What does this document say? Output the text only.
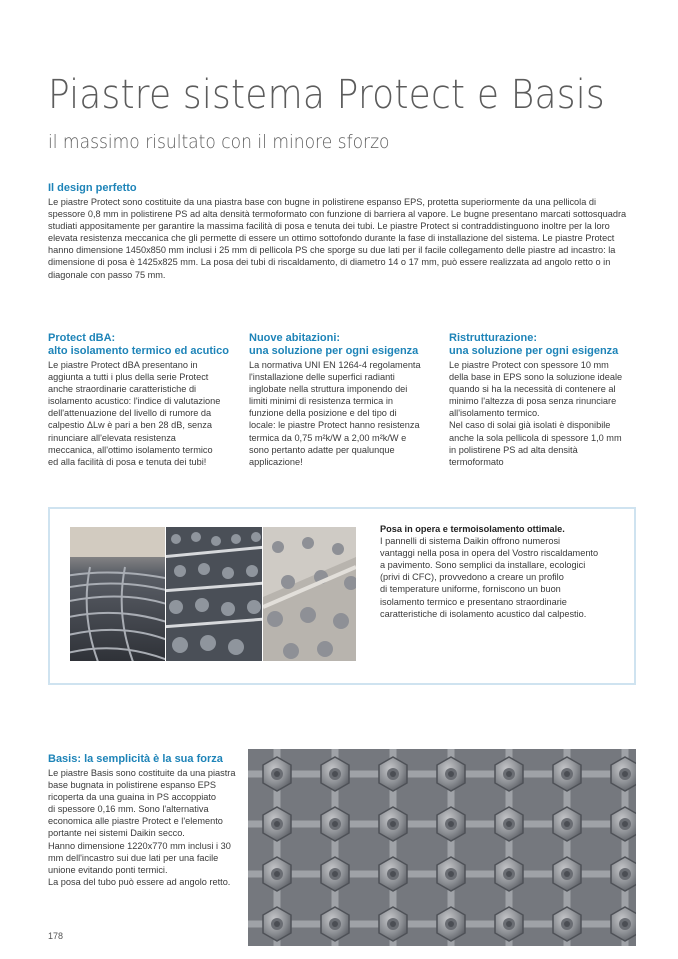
Piastre sistema Protect e Basis
il massimo risultato con il minore sforzo
Il design perfetto
Le piastre Protect sono costituite da una piastra base con bugne in polistirene espanso EPS, protetta superiormente da una pellicola di
spessore 0,8 mm in polistirene PS ad alta densità termoformato con funzione di barriera al vapore. Le bugne presentano marcati sottosquadra
studiati appositamente per garantire la massima facilità di posa e tenuta dei tubi. Le piastre Protect si contraddistinguono inoltre per la loro
elevata resistenza meccanica che gli permette di essere un ottimo sottofondo durante la fase di installazione del sistema. Le piastre Protect
hanno dimensione 1450x850 mm inclusi i 25 mm di pellicola PS che sporge su due lati per il facile collegamento delle piastre ad incastro: la
dimensione di posa è 1425x825 mm. La posa dei tubi di riscaldamento, di diametro 14 o 17 mm, può essere realizzata ad angolo retto o in
diagonale con passo 75 mm.
Protect dBA:
alto isolamento termico ed acutico
Le piastre Protect dBA presentano in
aggiunta a tutti i plus della serie Protect
anche straordinarie caratteristiche di
isolamento acustico: l'indice di valutazione
dell'attenuazione del livello di rumore da
calpestio ΔLw è pari a ben 28 dB, senza
rinunciare all'elevata resistenza
meccanica, all'ottimo isolamento termico
ed alla facilità di posa e tenuta dei tubi!
Nuove abitazioni:
una soluzione per ogni esigenza
La normativa UNI EN 1264-4 regolamenta
l'installazione delle superfici radianti
inglobate nella struttura imponendo dei
limiti minimi di resistenza termica in
funzione della posizione e del tipo di
locale: le piastre Protect hanno resistenza
termica da 0,75 m²k/W a 2,00 m²k/W e
sono pertanto adatte per qualunque
applicazione!
Ristrutturazione:
una soluzione per ogni esigenza
Le piastre Protect con spessore 10 mm
della base in EPS sono la soluzione ideale
quando si ha la necessità di contenere al
minimo l'altezza di posa senza rinunciare
all'isolamento termico.
Nel caso di solai già isolati è disponibile
anche la sola pellicola di spessore 1,0 mm
in polistirene PS ad alta densità
termoformato
Posa in opera e termoisolamento ottimale.
I pannelli di sistema Daikin offrono numerosi
vantaggi nella posa in opera del Vostro riscaldamento
a pavimento. Sono semplici da installare, ecologici
(privi di CFC), provvedono a creare un profilo
di temperature uniforme, forniscono un buon
isolamento termico e presentano straordinarie
caratteristiche di isolamento acustico dal calpestio.
Basis: la semplicità è la sua forza
Le piastre Basis sono costituite da una piastra
base bugnata in polistirene espanso EPS
ricoperta da una guaina in PS accoppiato
di spessore 0,16 mm. Sono l'alternativa
economica alle piastre Protect e l'elemento
portante nei sistemi Daikin secco.
Hanno dimensione 1220x770 mm inclusi i 30
mm dell'incastro sui due lati per una facile
unione evitando ponti termici.
La posa del tubo può essere ad angolo retto.
178
